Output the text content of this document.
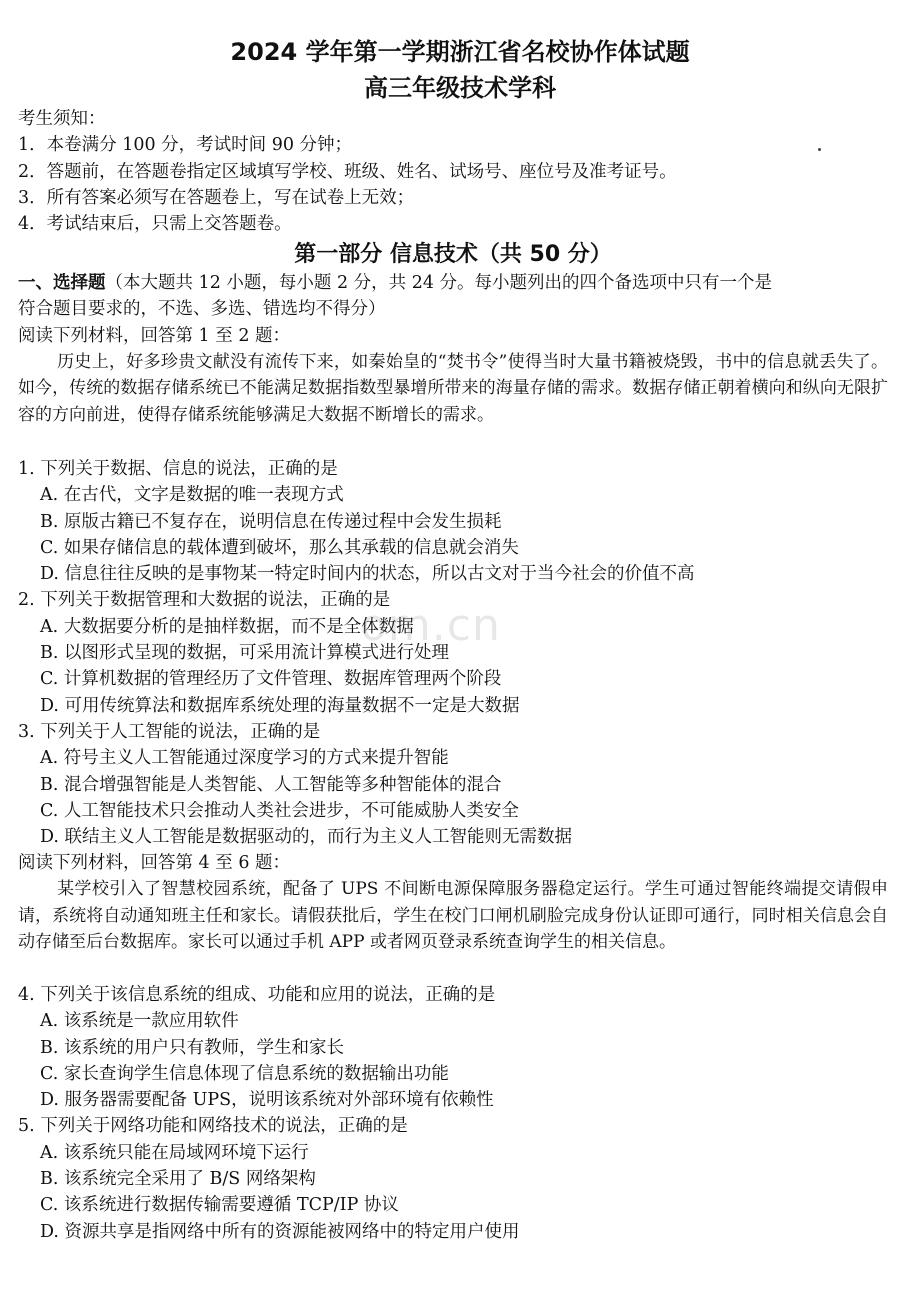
2024 学年第一学期浙江省名校协作体试题
高三年级技术学科
考生须知：
1．本卷满分 100 分，考试时间 90 分钟；
2．答题前，在答题卷指定区域填写学校、班级、姓名、试场号、座位号及准考证号。
3．所有答案必须写在答题卷上，写在试卷上无效；
4．考试结束后，只需上交答题卷。
第一部分 信息技术（共 50 分）
一、选择题（本大题共 12 小题，每小题 2 分，共 24 分。每小题列出的四个备选项中只有一个是
符合题目要求的，不选、多选、错选均不得分）
阅读下列材料，回答第 1 至 2 题：
历史上，好多珍贵文献没有流传下来，如秦始皇的“焚书令”使得当时大量书籍被烧毁，书中的信息就丢失了。如今，传统的数据存储系统已不能满足数据指数型暴增所带来的海量存储的需求。数据存储正朝着横向和纵向无限扩容的方向前进，使得存储系统能够满足大数据不断增长的需求。
1. 下列关于数据、信息的说法，正确的是
A. 在古代，文字是数据的唯一表现方式
B. 原版古籍已不复存在，说明信息在传递过程中会发生损耗
C. 如果存储信息的载体遭到破坏，那么其承载的信息就会消失
D. 信息往往反映的是事物某一特定时间内的状态，所以古文对于当今社会的价值不高
2. 下列关于数据管理和大数据的说法，正确的是
A. 大数据要分析的是抽样数据，而不是全体数据
B. 以图形式呈现的数据，可采用流计算模式进行处理
C. 计算机数据的管理经历了文件管理、数据库管理两个阶段
D. 可用传统算法和数据库系统处理的海量数据不一定是大数据
3. 下列关于人工智能的说法，正确的是
A. 符号主义人工智能通过深度学习的方式来提升智能
B. 混合增强智能是人类智能、人工智能等多种智能体的混合
C. 人工智能技术只会推动人类社会进步，不可能威胁人类安全
D. 联结主义人工智能是数据驱动的，而行为主义人工智能则无需数据
阅读下列材料，回答第 4 至 6 题：
某学校引入了智慧校园系统，配备了 UPS 不间断电源保障服务器稳定运行。学生可通过智能终端提交请假申请，系统将自动通知班主任和家长。请假获批后，学生在校门口闸机刷脸完成身份认证即可通行，同时相关信息会自动存储至后台数据库。家长可以通过手机 APP 或者网页登录系统查询学生的相关信息。
4. 下列关于该信息系统的组成、功能和应用的说法，正确的是
A. 该系统是一款应用软件
B. 该系统的用户只有教师，学生和家长
C. 家长查询学生信息体现了信息系统的数据输出功能
D. 服务器需要配备 UPS，说明该系统对外部环境有依赖性
5. 下列关于网络功能和网络技术的说法，正确的是
A. 该系统只能在局域网环境下运行
B. 该系统完全采用了 B/S 网络架构
C. 该系统进行数据传输需要遵循 TCP/IP 协议
D. 资源共享是指网络中所有的资源能被网络中的特定用户使用
om.cn
